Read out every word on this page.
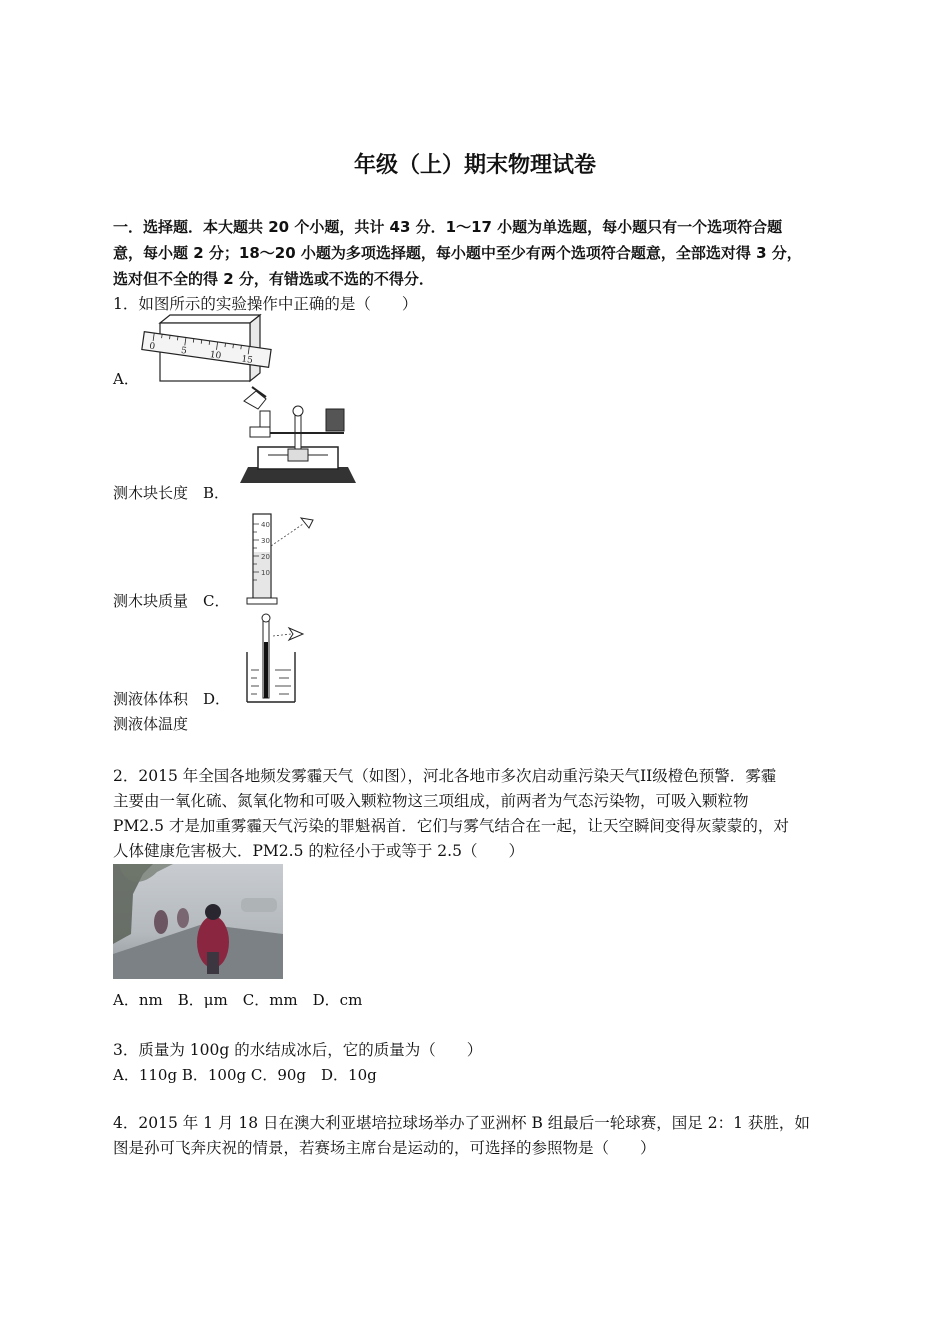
年级（上）期末物理试卷
一．选择题．本大题共 20 个小题，共计 43 分．1～17 小题为单选题，每小题只有一个选项符合题
意，每小题 2 分；18～20 小题为多项选择题，每小题中至少有两个选项符合题意，全部选对得 3 分，
选对但不全的得 2 分，有错选或不选的不得分．
1．如图所示的实验操作中正确的是（　　）
0	5 10 15
A．
测木块长度　B．
40
30
20
10
测木块质量　C．
测液体体积　D．
测液体温度
2．2015 年全国各地频发雾霾天气（如图），河北各地市多次启动重污染天气II级橙色预警．雾霾
主要由一氧化硫、氮氧化物和可吸入颗粒物这三项组成，前两者为气态污染物，可吸入颗粒物
PM2.5 才是加重雾霾天气污染的罪魁祸首．它们与雾气结合在一起，让天空瞬间变得灰蒙蒙的，对
人体健康危害极大．PM2.5 的粒径小于或等于 2.5（　　）
A．nm　B．μm　C．mm　D．cm
3．质量为 100g 的水结成冰后，它的质量为（　　）
A．110g B．100g C．90g　D．10g
4．2015 年 1 月 18 日在澳大利亚堪培拉球场举办了亚洲杯 B 组最后一轮球赛，国足 2：1 获胜，如
图是孙可飞奔庆祝的情景，若赛场主席台是运动的，可选择的参照物是（　　）
